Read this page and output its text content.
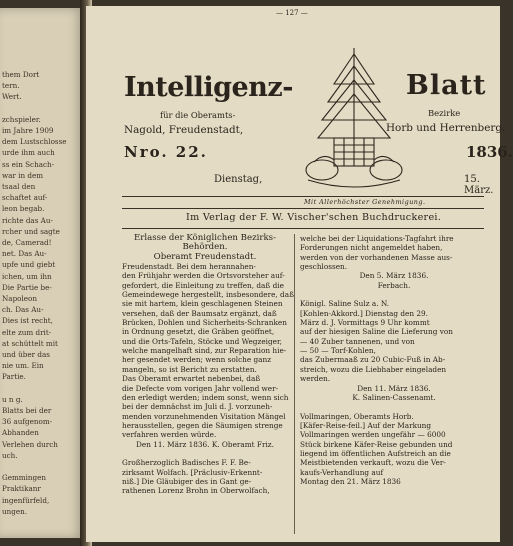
them Dort
tern.
Wert.
zchspieler.
im Jahre 1909
dem Lustschlosse
urde ihm auch
ss ein Schach-
war in dem
tsaal den
schaftet auf-
leon begab.
richte das Au-
rcher und sagte
de, Camerad!
net. Das Au-
upfe und giebt
ichen, um ihn
Die Partie be-
Napoleon
ch. Das Au-
Dies ist recht,
elte zum drit-
at schüttelt mit
und über das
nie um. Ein
Partie.
u n g.
Blatts bei der
36 aufgenom-
Abhanden
Verlehen durch
uch.
Gemmingen
Praktikanr
ingenfürfeld,
ungen.
— 127 —
Intelligenz-	Blatt
für die Oberamts-	Bezirke
Nagold, Freudenstadt,	Horb und Herrenberg.
Nro. 22.	1836.
Dienstag,	15. März.
Mit Allerhöchster Genehmigung.
Im Verlag der F. W. Vischer'schen Buchdruckerei.
Erlasse der Königlichen Bezirks-
Behörden.
Oberamt Freudenstadt.
Freudenstadt. Bei dem herannahen-
den Frühjahr werden die Ortsvorsteher auf-
gefordert, die Einleitung zu treffen, daß die
Gemeindewege hergestellt, insbesondere, daß
sie mit hartem, klein geschlagenen Steinen
versehen, daß der Baumsatz ergänzt, daß
Brücken, Dohlen und Sicherheits-Schranken
in Ordnung gesetzt, die Gräben geöffnet,
und die Orts-Tafeln, Stöcke und Wegzeiger,
welche mangelhaft sind, zur Reparation hie-
her gesendet werden; wenn solche ganz
mangeln, so ist Bericht zu erstatten.
Das Oberamt erwartet nebenbei, daß
die Defecte vom vorigen Jahr vollend wer-
den erledigt werden; indem sonst, wenn sich
bei der demnächst im Juli d. J. vorzuneh-
menden vorzunehmenden Visitation Mängel
herausstellen, gegen die Säumigen strenge
verfahren werden würde.
Den 11. März 1836. K. Oberamt Friz.

Großherzoglich Badisches F. F. Be-
zirksamt Wolfach. [Präclusiv-Erkennt-
niß.] Die Gläubiger des in Gant ge-
rathenen Lorenz Brohn in Oberwolfach,
welche bei der Liquidations-Tagfahrt ihre
Forderungen nicht angemeldet haben,
werden von der vorhandenen Masse aus-
geschlossen.
Den 5. März 1836.
Ferbach.

Königl. Saline Sulz a. N.
[Kohlen-Akkord.] Dienstag den 29.
März d. J. Vormittags 9 Uhr kommt
auf der hiesigen Saline die Lieferung von
— 40 Zuber tannenen, und von
— 50 — Torf-Kohlen,
das Zubermaaß zu 20 Cubic-Fuß in Ab-
streich, wozu die Liebhaber eingeladen
werden.
Den 11. März 1836.
K. Salinen-Cassenamt.

Vollmaringen, Oberamts Horb.
[Käfer-Reise-feil.] Auf der Markung
Vollmaringen werden ungefähr — 6000
Stück birkene Käfer-Reise gebunden und
liegend im öffentlichen Aufstreich an die
Meistbietenden verkauft, wozu die Ver-
kaufs-Verhandlung auf
Montag den 21. März 1836
